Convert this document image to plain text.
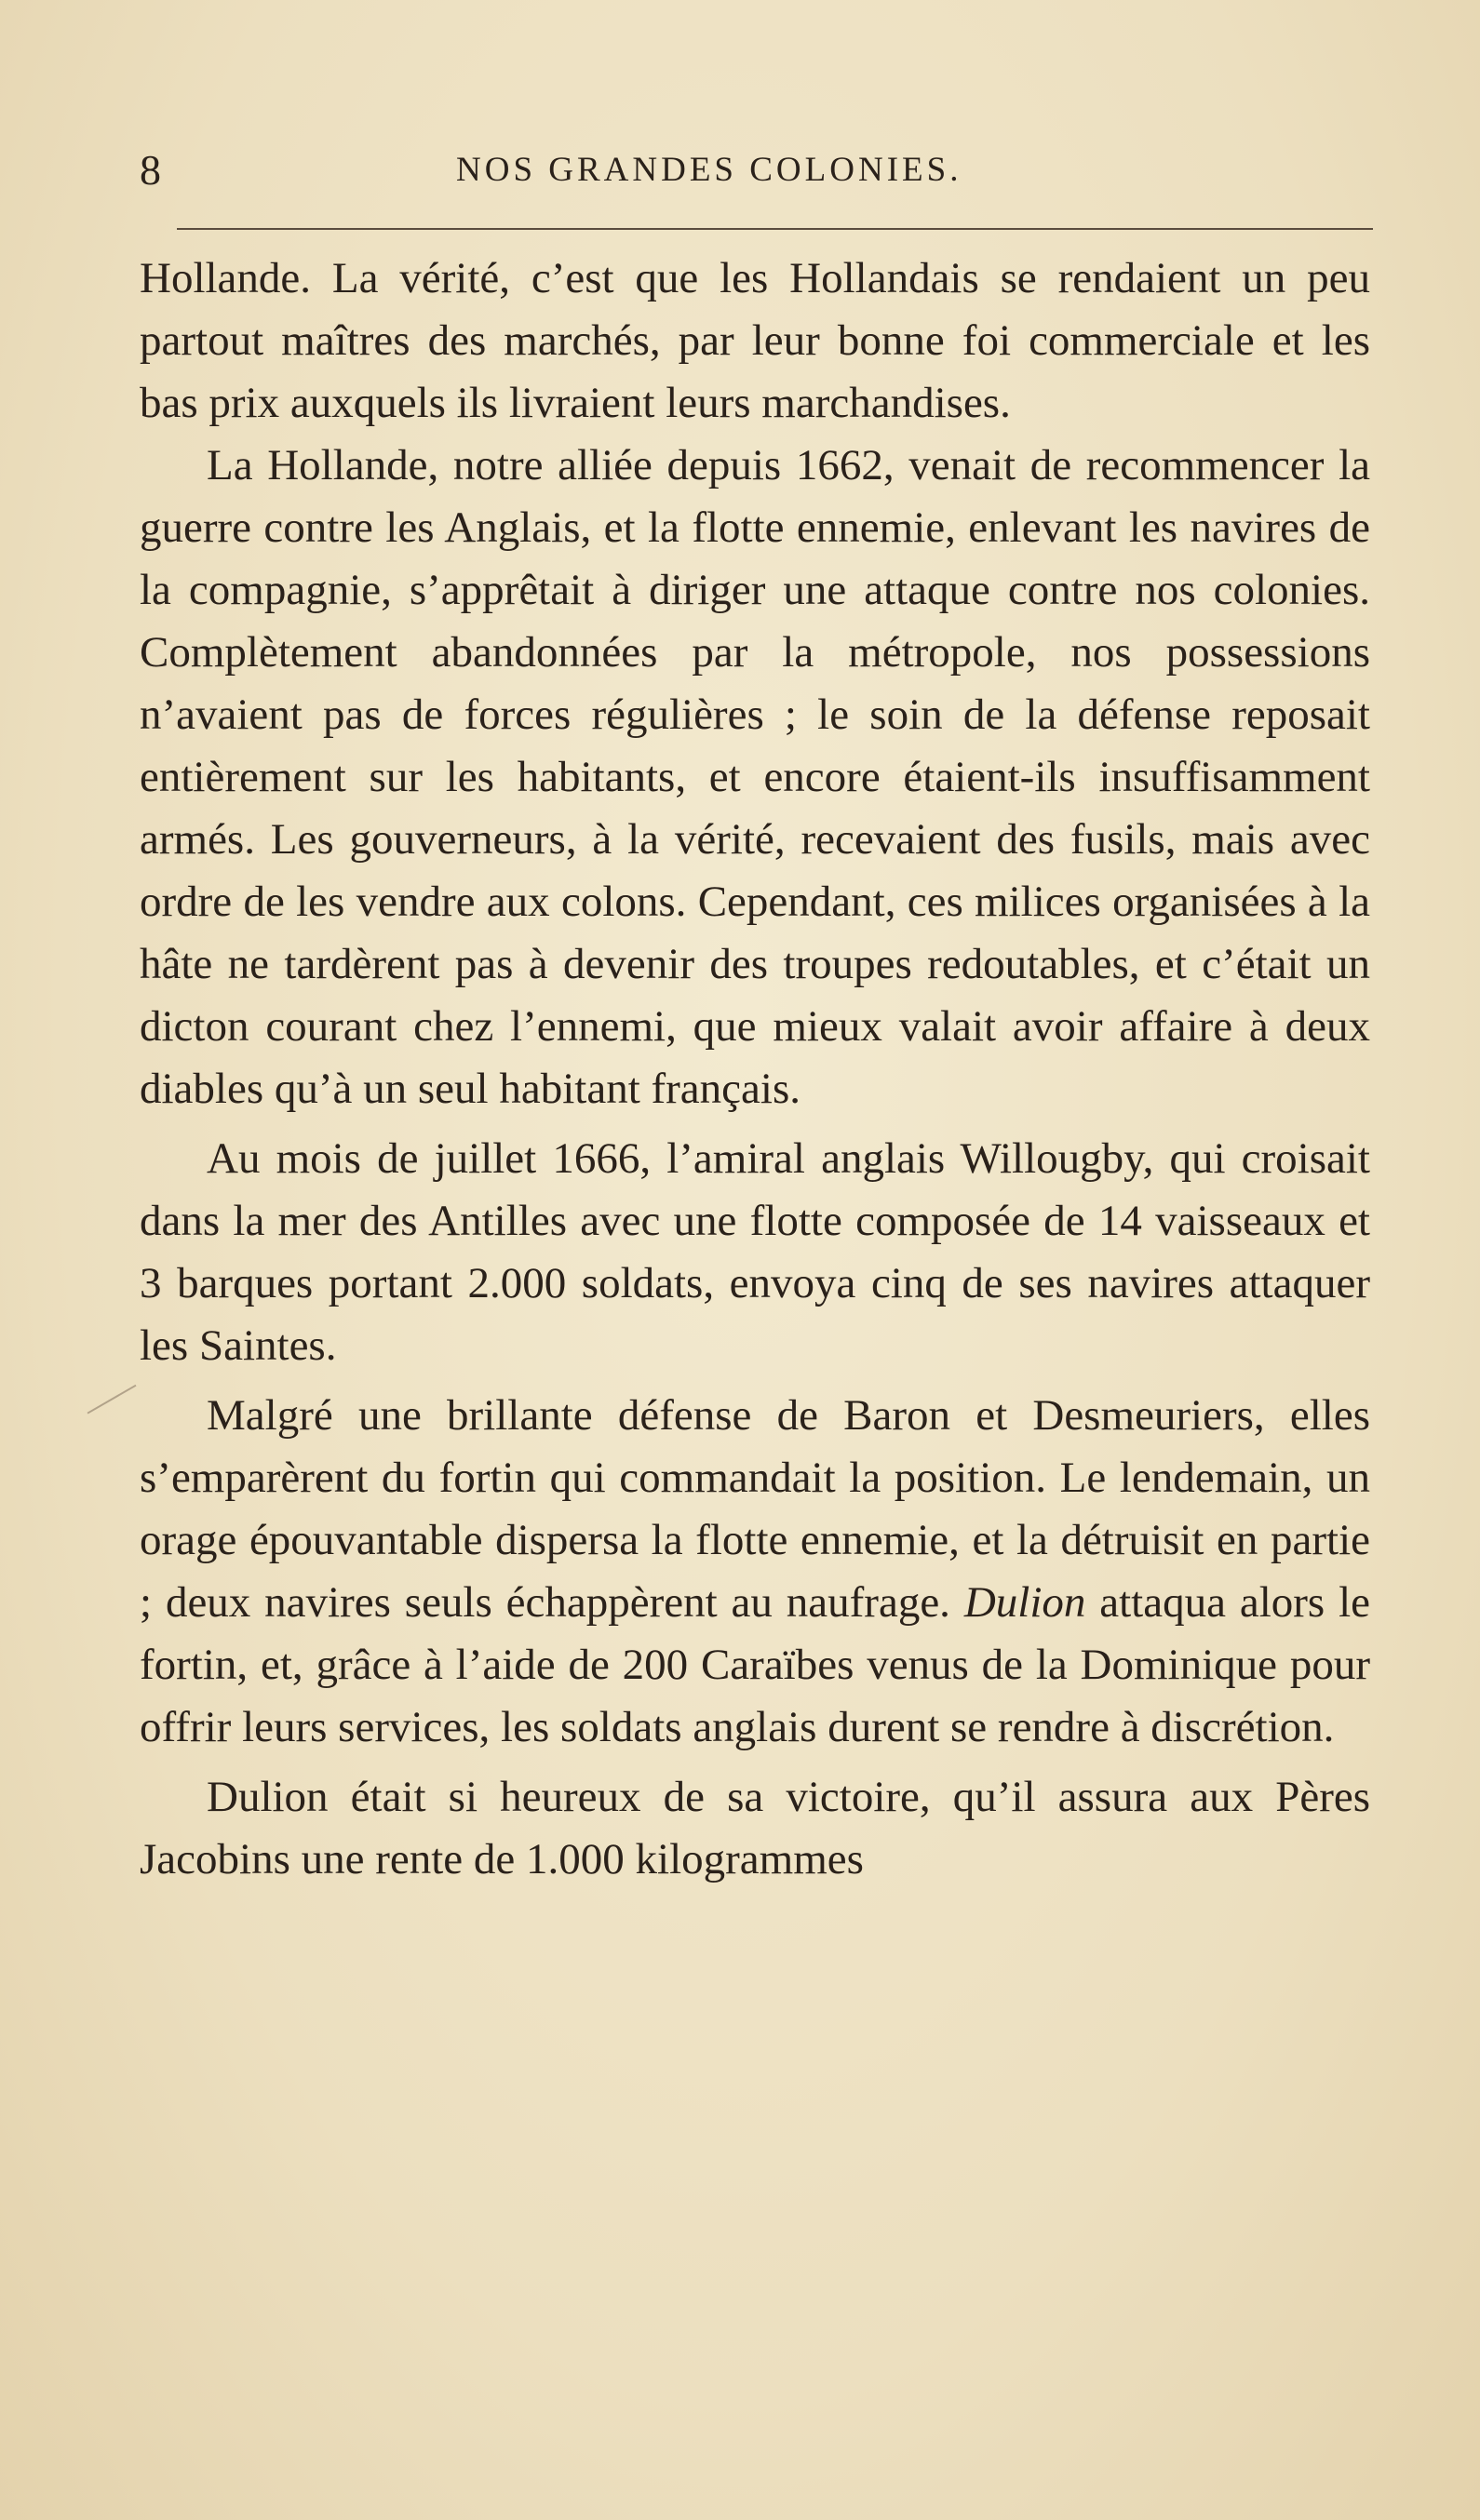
8	NOS GRANDES COLONIES.

Hollande. La vérité, c’est que les Hollandais se rendaient un peu partout maîtres des marchés, par leur bonne foi commerciale et les bas prix auxquels ils livraient leurs marchandises.

La Hollande, notre alliée depuis 1662, venait de recommencer la guerre contre les Anglais, et la flotte ennemie, enlevant les navires de la compagnie, s’apprêtait à diriger une attaque contre nos colonies. Complètement abandonnées par la métropole, nos possessions n’avaient pas de forces régulières ; le soin de la défense reposait entièrement sur les habitants, et encore étaient-ils insuffisamment armés. Les gouverneurs, à la vérité, recevaient des fusils, mais avec ordre de les vendre aux colons. Cependant, ces milices organisées à la hâte ne tardèrent pas à devenir des troupes redoutables, et c’était un dicton courant chez l’ennemi, que mieux valait avoir affaire à deux diables qu’à un seul habitant français.

Au mois de juillet 1666, l’amiral anglais Willougby, qui croisait dans la mer des Antilles avec une flotte composée de 14 vaisseaux et 3 barques portant 2.000 soldats, envoya cinq de ses navires attaquer les Saintes.

Malgré une brillante défense de Baron et Desmeuriers, elles s’emparèrent du fortin qui commandait la position. Le lendemain, un orage épouvantable dispersa la flotte ennemie, et la détruisit en partie ; deux navires seuls échappèrent au naufrage. Dulion attaqua alors le fortin, et, grâce à l’aide de 200 Caraïbes venus de la Dominique pour offrir leurs services, les soldats anglais durent se rendre à discrétion.

Dulion était si heureux de sa victoire, qu’il assura aux Pères Jacobins une rente de 1.000 kilogrammes
